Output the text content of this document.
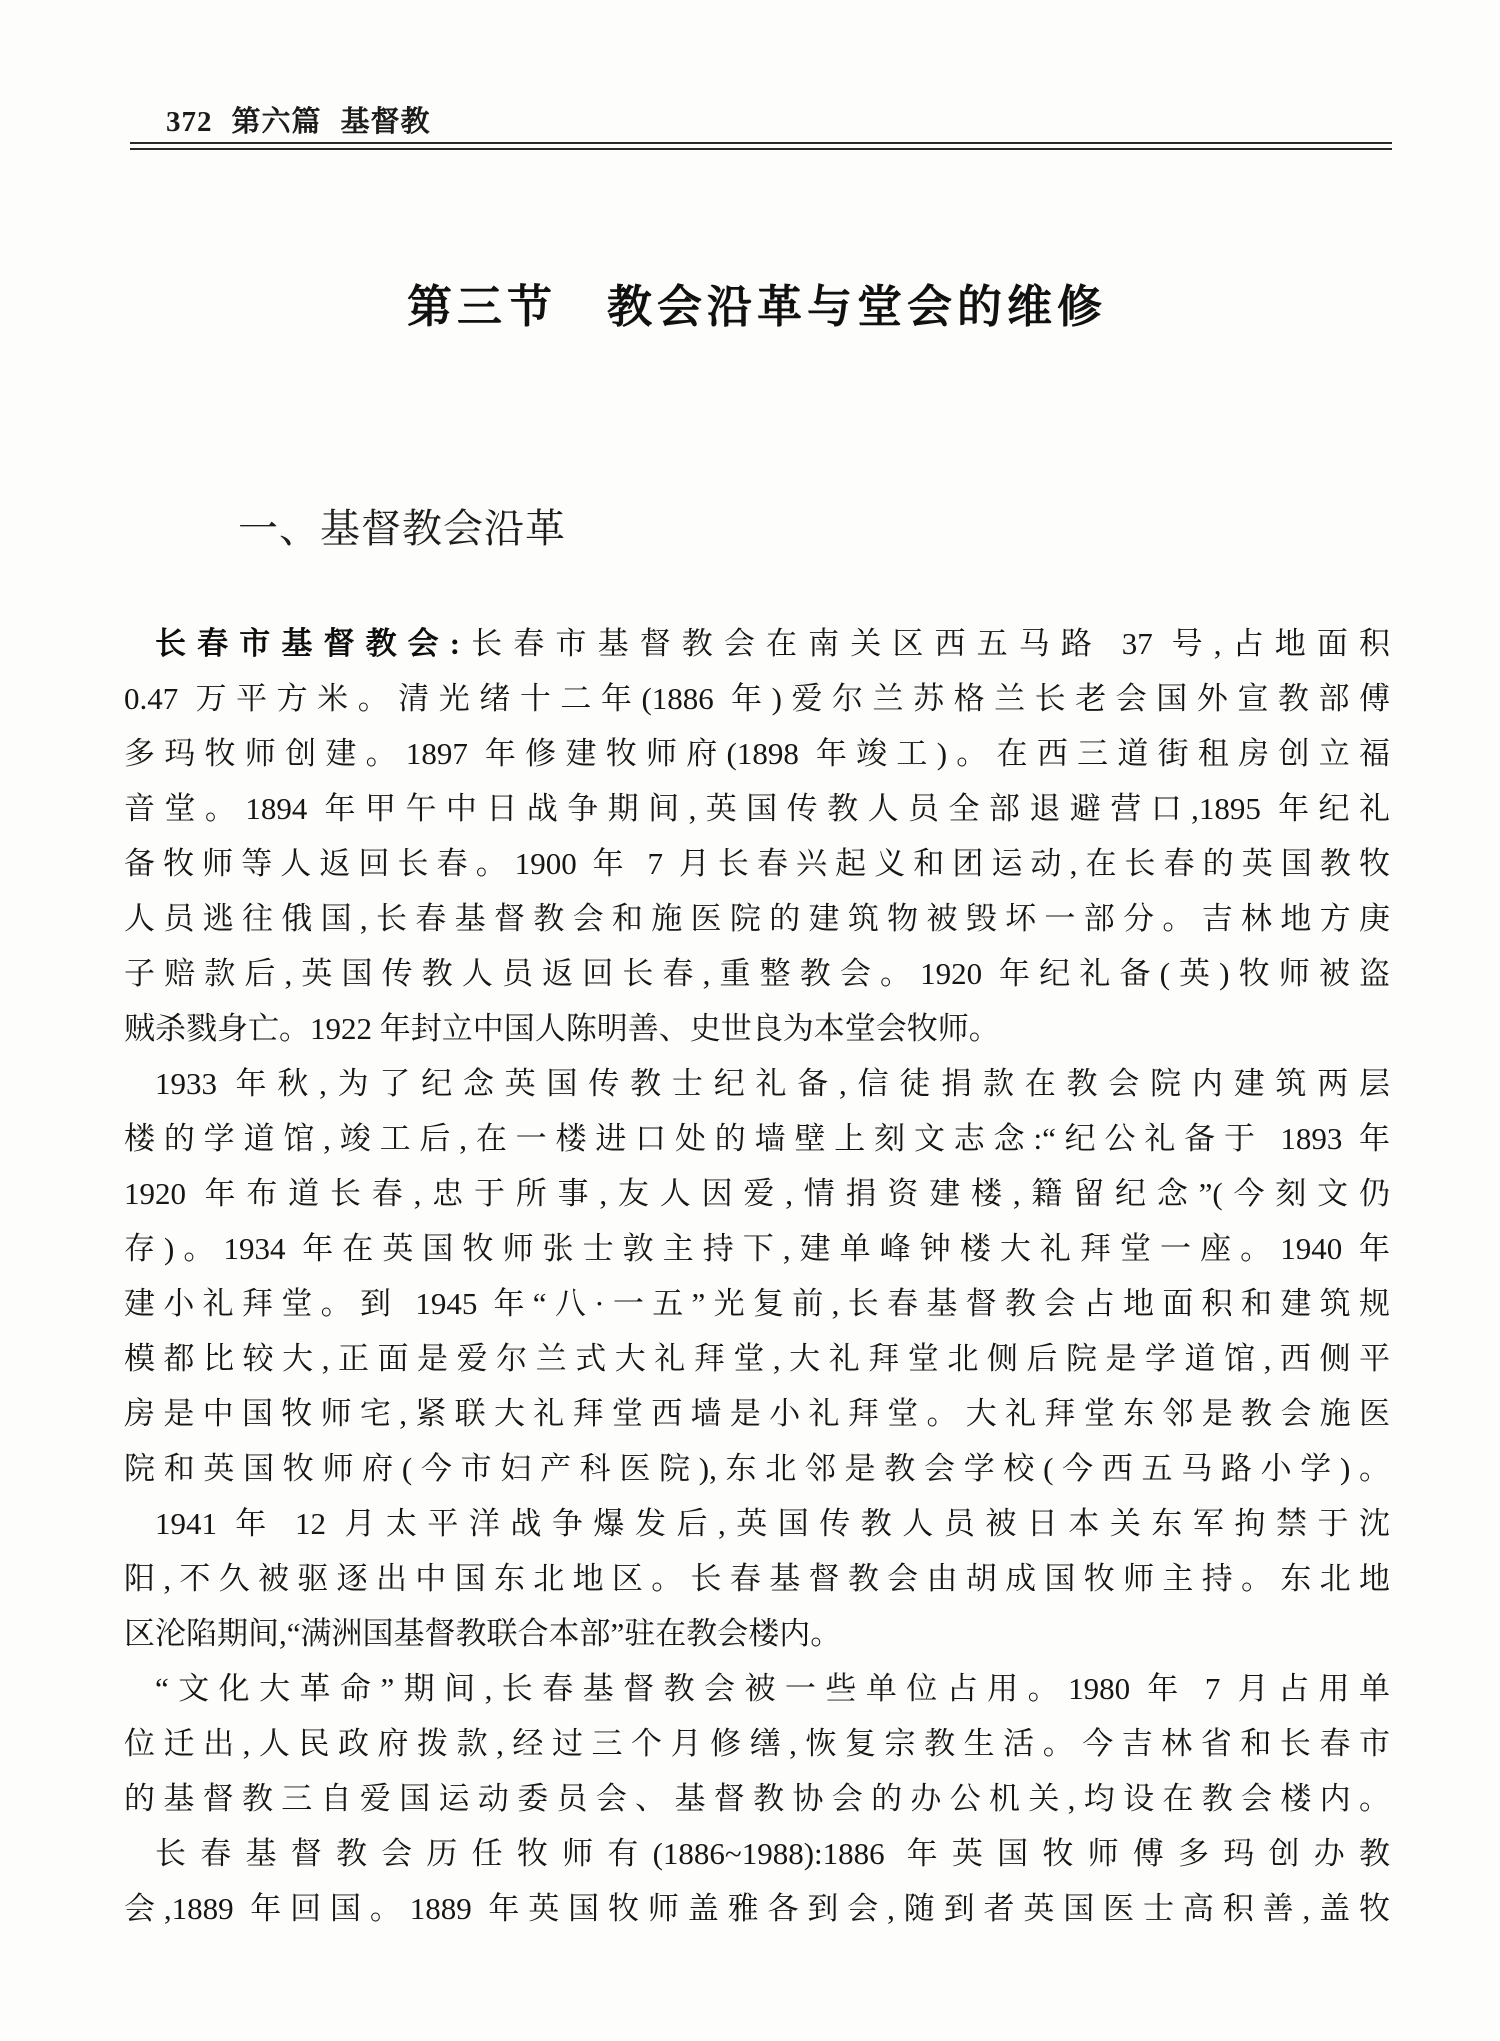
372 第六篇 基督教
第三节　教会沿革与堂会的维修
一、基督教会沿革
长春市基督教会:长春市基督教会在南关区西五马路 37 号,占地面积
0.47 万平方米。清光绪十二年(1886 年)爱尔兰苏格兰长老会国外宣教部傅
多玛牧师创建。1897 年修建牧师府(1898 年竣工)。在西三道街租房创立福
音堂。1894 年甲午中日战争期间,英国传教人员全部退避营口,1895 年纪礼
备牧师等人返回长春。1900 年 7 月长春兴起义和团运动,在长春的英国教牧
人员逃往俄国,长春基督教会和施医院的建筑物被毁坏一部分。吉林地方庚
子赔款后,英国传教人员返回长春,重整教会。1920 年纪礼备(英)牧师被盗
贼杀戮身亡。1922 年封立中国人陈明善、史世良为本堂会牧师。
1933 年秋,为了纪念英国传教士纪礼备,信徒捐款在教会院内建筑两层
楼的学道馆,竣工后,在一楼进口处的墙壁上刻文志念:“纪公礼备于 1893 年
1920 年布道长春,忠于所事,友人因爱,情捐资建楼,籍留纪念”(今刻文仍
存)。1934 年在英国牧师张士敦主持下,建单峰钟楼大礼拜堂一座。1940 年
建小礼拜堂。到 1945 年“八·一五”光复前,长春基督教会占地面积和建筑规
模都比较大,正面是爱尔兰式大礼拜堂,大礼拜堂北侧后院是学道馆,西侧平
房是中国牧师宅,紧联大礼拜堂西墙是小礼拜堂。大礼拜堂东邻是教会施医
院和英国牧师府(今市妇产科医院),东北邻是教会学校(今西五马路小学)。
1941 年 12 月太平洋战争爆发后,英国传教人员被日本关东军拘禁于沈
阳,不久被驱逐出中国东北地区。长春基督教会由胡成国牧师主持。东北地
区沦陷期间,“满洲国基督教联合本部”驻在教会楼内。
“文化大革命”期间,长春基督教会被一些单位占用。1980 年 7 月占用单
位迁出,人民政府拨款,经过三个月修缮,恢复宗教生活。今吉林省和长春市
的基督教三自爱国运动委员会、基督教协会的办公机关,均设在教会楼内。
长春基督教会历任牧师有(1886~1988):1886 年英国牧师傅多玛创办教
会,1889 年回国。1889 年英国牧师盖雅各到会,随到者英国医士高积善,盖牧
